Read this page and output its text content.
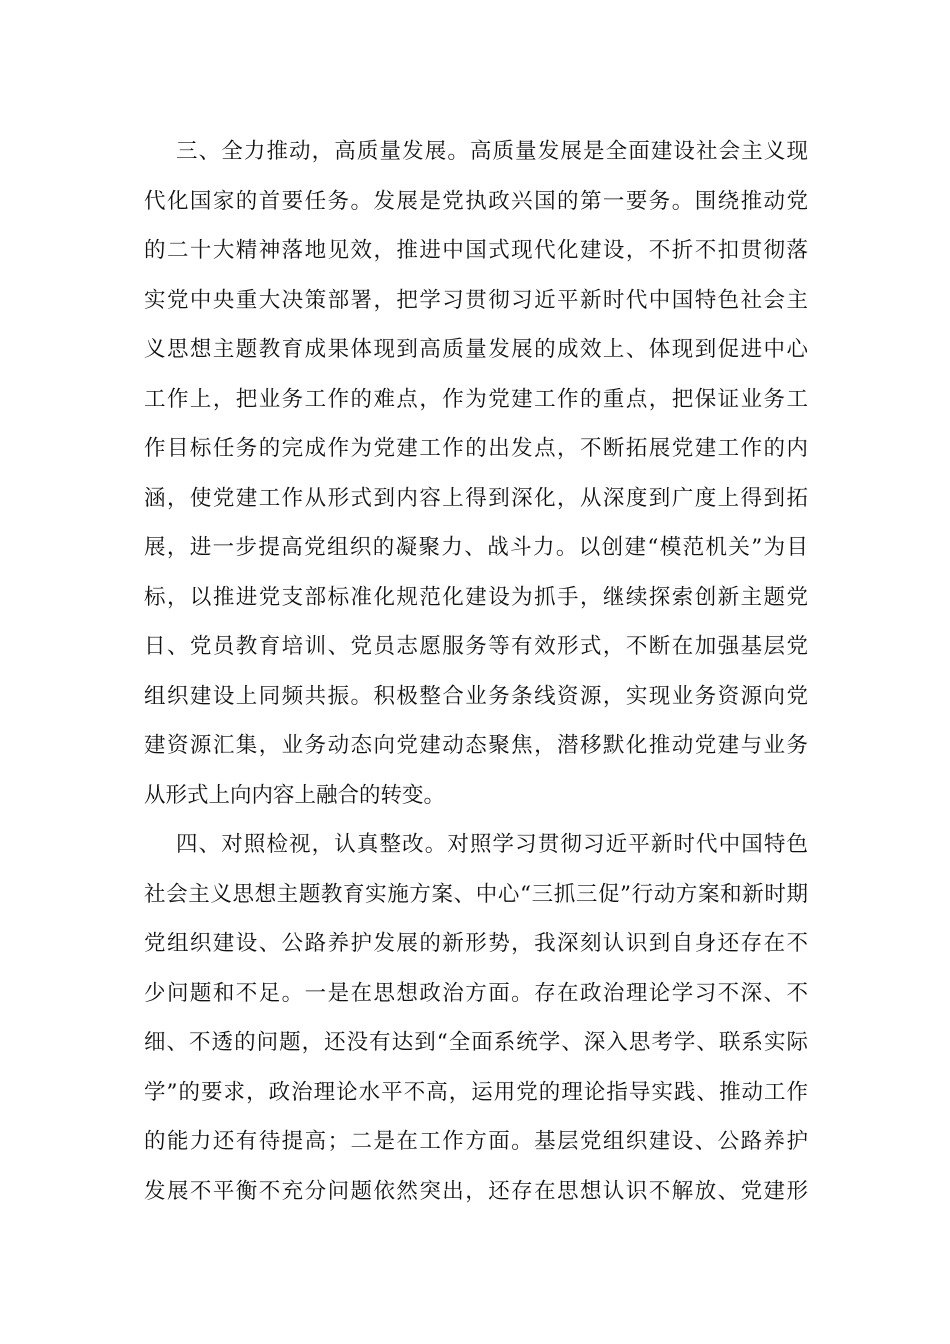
三、全力推动，高质量发展。高质量发展是全面建设社会主义现
代化国家的首要任务。发展是党执政兴国的第一要务。围绕推动党
的二十大精神落地见效，推进中国式现代化建设，不折不扣贯彻落
实党中央重大决策部署，把学习贯彻习近平新时代中国特色社会主
义思想主题教育成果体现到高质量发展的成效上、体现到促进中心
工作上，把业务工作的难点，作为党建工作的重点，把保证业务工
作目标任务的完成作为党建工作的出发点，不断拓展党建工作的内
涵，使党建工作从形式到内容上得到深化，从深度到广度上得到拓
展，进一步提高党组织的凝聚力、战斗力。以创建“模范机关”为目
标，以推进党支部标准化规范化建设为抓手，继续探索创新主题党
日、党员教育培训、党员志愿服务等有效形式，不断在加强基层党
组织建设上同频共振。积极整合业务条线资源，实现业务资源向党
建资源汇集，业务动态向党建动态聚焦，潜移默化推动党建与业务
从形式上向内容上融合的转变。
四、对照检视，认真整改。对照学习贯彻习近平新时代中国特色
社会主义思想主题教育实施方案、中心“三抓三促”行动方案和新时期
党组织建设、公路养护发展的新形势，我深刻认识到自身还存在不
少问题和不足。一是在思想政治方面。存在政治理论学习不深、不
细、不透的问题，还没有达到“全面系统学、深入思考学、联系实际
学”的要求，政治理论水平不高，运用党的理论指导实践、推动工作
的能力还有待提高；二是在工作方面。基层党组织建设、公路养护
发展不平衡不充分问题依然突出，还存在思想认识不解放、党建形
